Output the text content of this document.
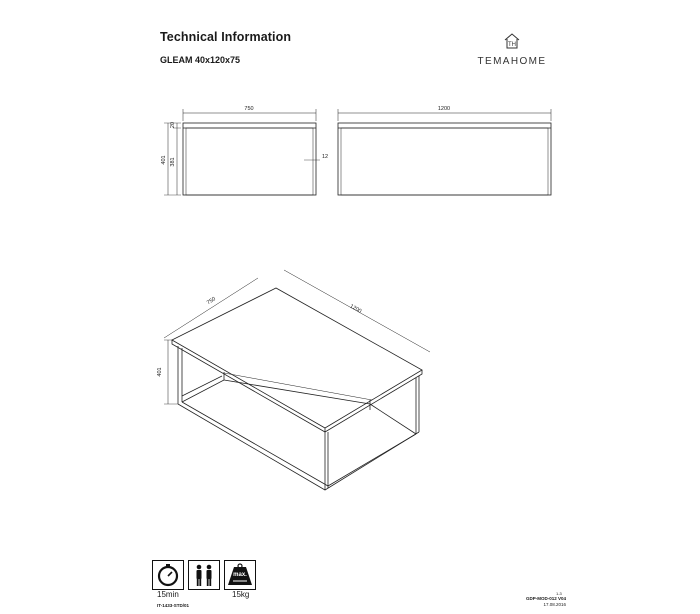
Technical Information
GLEAM 40x120x75
TH
TEMAHOME
750	1200
20
401 381
12
750
1200
401
max.
15min	15kg
IT-1433-STD/01
1-3
GDP-MOD-012 V04
17.08.2016
